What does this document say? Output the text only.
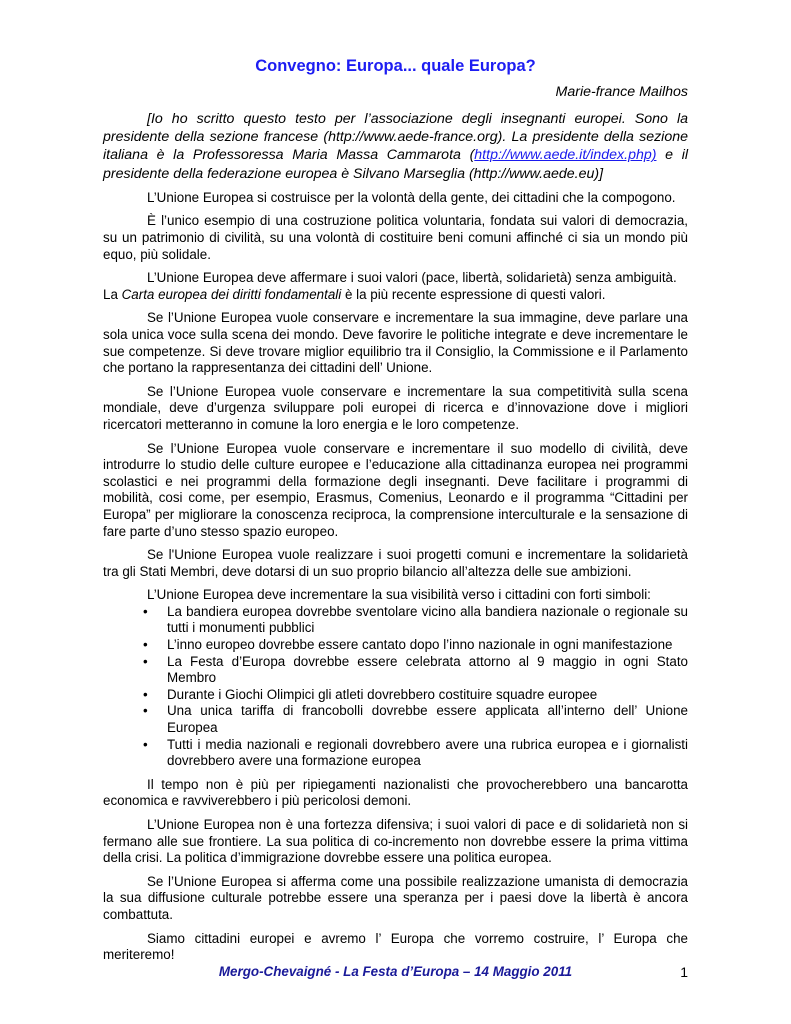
Convegno: Europa... quale Europa?
Marie-france Mailhos

[Io ho scritto questo testo per l’associazione degli insegnanti europei. Sono la presidente della sezione francese (http://www.aede-france.org). La presidente della sezione italiana è la Professoressa Maria Massa Cammarota (http://www.aede.it/index.php) e il presidente della federazione europea è Silvano Marseglia (http://www.aede.eu)]

L’Unione Europea si costruisce per la volontà della gente, dei cittadini che la compogono.

È l’unico esempio di una costruzione politica voluntaria, fondata sui valori di democrazia, su un patrimonio di civilità, su una volontà di costituire beni comuni affinché ci sia un mondo più equo, più solidale.

L’Unione Europea deve affermare i suoi valori (pace, libertà, solidarietà) senza ambiguità.
La Carta europea dei diritti fondamentali è la più recente espressione di questi valori.

Se l’Unione Europea vuole conservare e incrementare la sua immagine, deve parlare una sola unica voce sulla scena dei mondo. Deve favorire le politiche integrate e deve incrementare le sue competenze. Si deve trovare miglior equilibrio tra il Consiglio, la Commissione e il Parlamento che portano la rappresentanza dei cittadini dell’ Unione.

Se l’Unione Europea vuole conservare e incrementare la sua competitività sulla scena mondiale, deve d’urgenza sviluppare poli europei di ricerca e d’innovazione dove i migliori ricercatori metteranno in comune la loro energia e le loro competenze.

Se l’Unione Europea vuole conservare e incrementare il suo modello di civilità, deve introdurre lo studio delle culture europee e l’educazione alla cittadinanza europea nei programmi scolastici e nei programmi della formazione degli insegnanti. Deve facilitare i programmi di mobilità, cosi come, per esempio, Erasmus, Comenius, Leonardo e il programma “Cittadini per Europa” per migliorare la conoscenza reciproca, la comprensione interculturale e la sensazione di fare parte d’uno stesso spazio europeo.

Se l'Unione Europea vuole realizzare i suoi progetti comuni e incrementare la solidarietà tra gli Stati Membri, deve dotarsi di un suo proprio bilancio all’altezza delle sue ambizioni.

L’Unione Europea deve incrementare la sua visibilità verso i cittadini con forti simboli:

• La bandiera europea dovrebbe sventolare vicino alla bandiera nazionale o regionale su tutti i monumenti pubblici
• L’inno europeo dovrebbe essere cantato dopo l’inno nazionale in ogni manifestazione
• La Festa d’Europa dovrebbe essere celebrata attorno al 9 maggio in ogni Stato Membro
• Durante i Giochi Olimpici gli atleti dovrebbero costituire squadre europee
• Una unica tariffa di francobolli dovrebbe essere applicata all’interno dell’ Unione Europea
• Tutti i media nazionali e regionali dovrebbero avere una rubrica europea e i giornalisti dovrebbero avere una formazione europea

Il tempo non è più per ripiegamenti nazionalisti che provocherebbero una bancarotta economica e ravviverebbero i più pericolosi demoni.

L’Unione Europea non è una fortezza difensiva; i suoi valori di pace e di solidarietà non si fermano alle sue frontiere. La sua politica di co-incremento non dovrebbe essere la prima vittima della crisi. La politica d’immigrazione dovrebbe essere una politica europea.

Se l’Unione Europea si afferma come una possibile realizzazione umanista di democrazia la sua diffusione culturale potrebbe essere una speranza per i paesi dove la libertà è ancora combattuta.

Siamo cittadini europei e avremo l’ Europa che vorremo costruire, l’ Europa che meriteremo!

Mergo-Chevaigné - La Festa d’Europa – 14 Maggio 2011	1
